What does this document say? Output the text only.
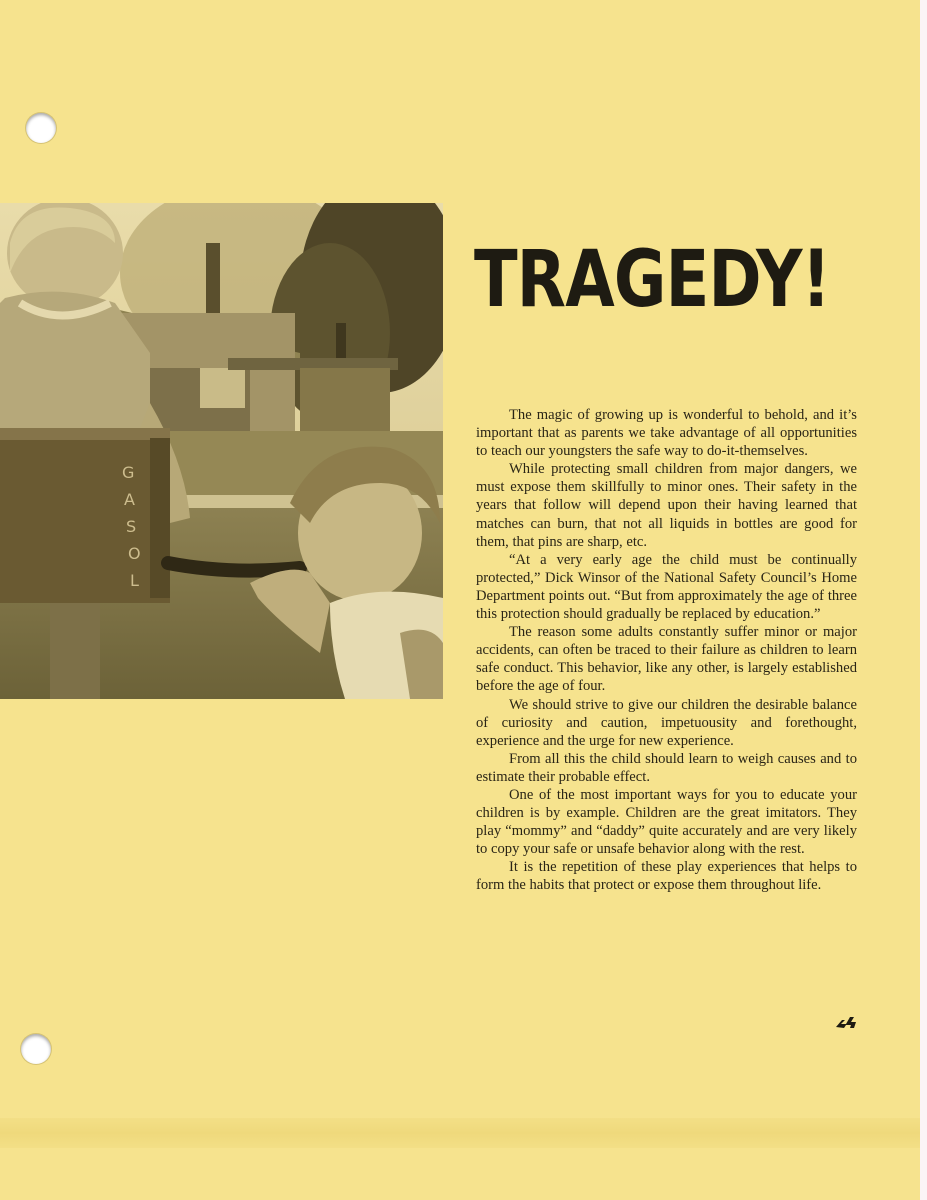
G
A
S
O
L
TRAGEDY!

The magic of growing up is wonderful to behold, and it’s important that as parents we take advantage of all opportunities to teach our youngsters the safe way to do-it-themselves.

While protecting small children from major dangers, we must expose them skillfully to minor ones. Their safety in the years that follow will depend upon their having learned that matches can burn, that not all liquids in bottles are good for them, that pins are sharp, etc.

“At a very early age the child must be continually protected,” Dick Winsor of the National Safety Council’s Home Department points out. “But from approximately the age of three this protection should gradually be replaced by education.”

The reason some adults constantly suffer minor or major accidents, can often be traced to their failure as children to learn safe conduct. This behavior, like any other, is largely established before the age of four.

We should strive to give our children the desirable balance of curiosity and caution, impetuousity and forethought, experience and the urge for new experience.

From all this the child should learn to weigh causes and to estimate their probable effect.

One of the most important ways for you to educate your children is by example. Children are the great imitators. They play “mommy” and “daddy” quite accurately and are very likely to copy your safe or unsafe behavior along with the rest.

It is the repetition of these play experiences that helps to form the habits that protect or expose them throughout life.
